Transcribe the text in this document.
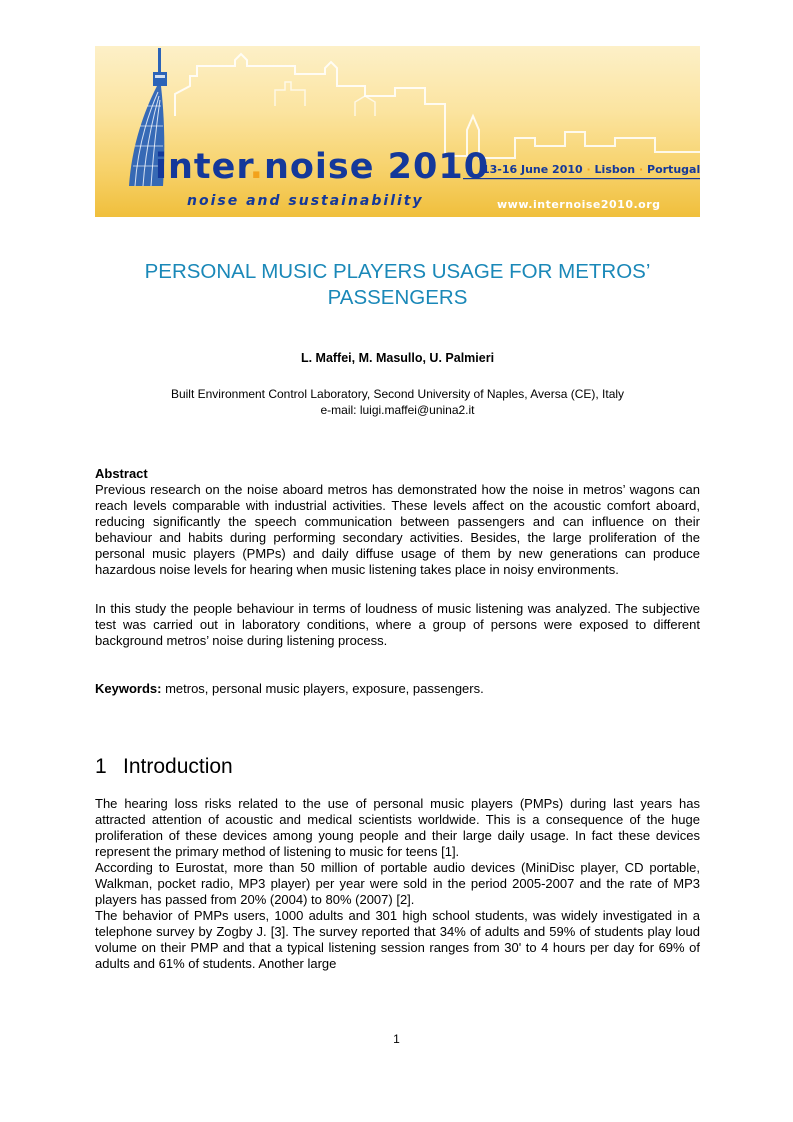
inter.noise 2010
noise and sustainability
13-16 June 2010 · Lisbon · Portugal
www.internoise2010.org
PERSONAL MUSIC PLAYERS USAGE FOR METROS’
PASSENGERS
L. Maffei, M. Masullo, U. Palmieri
Built Environment Control Laboratory, Second University of Naples, Aversa (CE), Italy
e-mail: luigi.maffei@unina2.it
Abstract

Previous research on the noise aboard metros has demonstrated how the noise in metros’ wagons can reach levels comparable with industrial activities. These levels affect on the acoustic comfort aboard, reducing significantly the speech communication between passengers and can influence on their behaviour and habits during performing secondary activities. Besides, the large proliferation of the personal music players (PMPs) and daily diffuse usage of them by new generations can produce hazardous noise levels for hearing when music listening takes place in noisy environments.

In this study the people behaviour in terms of loudness of music listening was analyzed. The subjective test was carried out in laboratory conditions, where a group of persons were exposed to different background metros’ noise during listening process.

Keywords: metros, personal music players, exposure, passengers.
1 Introduction

The hearing loss risks related to the use of personal music players (PMPs) during last years has attracted attention of acoustic and medical scientists worldwide. This is a consequence of the huge proliferation of these devices among young people and their large daily usage. In fact these devices represent the primary method of listening to music for teens [1].

According to Eurostat, more than 50 million of portable audio devices (MiniDisc player, CD portable, Walkman, pocket radio, MP3 player) per year were sold in the period 2005-2007 and the rate of MP3 players has passed from 20% (2004) to 80% (2007) [2].

The behavior of PMPs users, 1000 adults and 301 high school students, was widely investigated in a telephone survey by Zogby J. [3]. The survey reported that 34% of adults and 59% of students play loud volume on their PMP and that a typical listening session ranges from 30' to 4 hours per day for 69% of adults and 61% of students. Another large

1
